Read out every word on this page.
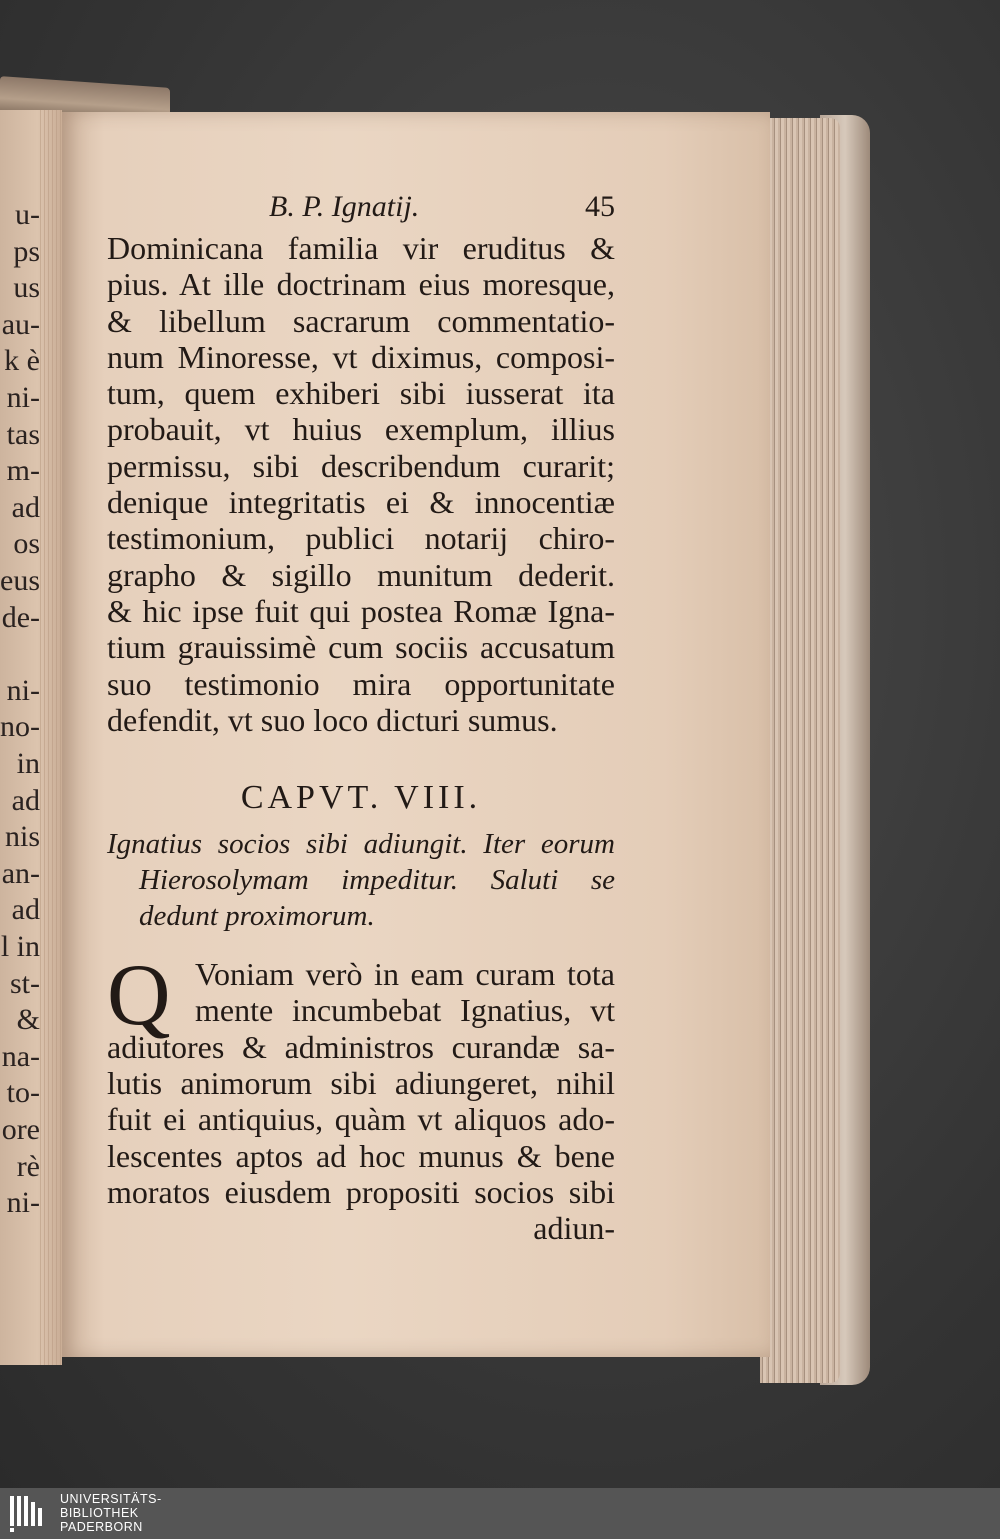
u-
ps
us
au-
k è
ni-
tas
m-
ad
os
eus
de-
ni-
no-
in
ad
nis
an-
ad
l in
st-
&
na-
to-
ore
rè
ni-
B. P. Ignatij.	45
Dominicana familia vir eruditus &
pius. At ille doctrinam eius moresque,
& libellum sacrarum commentatio-
num Minoresse, vt diximus, composi-
tum, quem exhiberi sibi iusserat ita
probauit, vt huius exemplum, illius
permissu, sibi describendum curarit;
denique integritatis ei & innocentiæ
testimonium, publici notarij chiro-
grapho & sigillo munitum dederit.
& hic ipse fuit qui postea Romæ Igna-
tium grauissimè cum sociis accusatum
suo testimonio mira opportunitate
defendit, vt suo loco dicturi sumus.
CAPVT. VIII.
Ignatius socios sibi adiungit. Iter eorum
Hierosolymam impeditur. Saluti se
dedunt proximorum.
Q Voniam verò in eam curam tota
mente incumbebat Ignatius, vt
adiutores & administros curandæ sa-
lutis animorum sibi adiungeret, nihil
fuit ei antiquius, quàm vt aliquos ado-
lescentes aptos ad hoc munus & bene
moratos eiusdem propositi socios sibi
adiun-
UNIVERSITÄTS-
BIBLIOTHEK
PADERBORN
